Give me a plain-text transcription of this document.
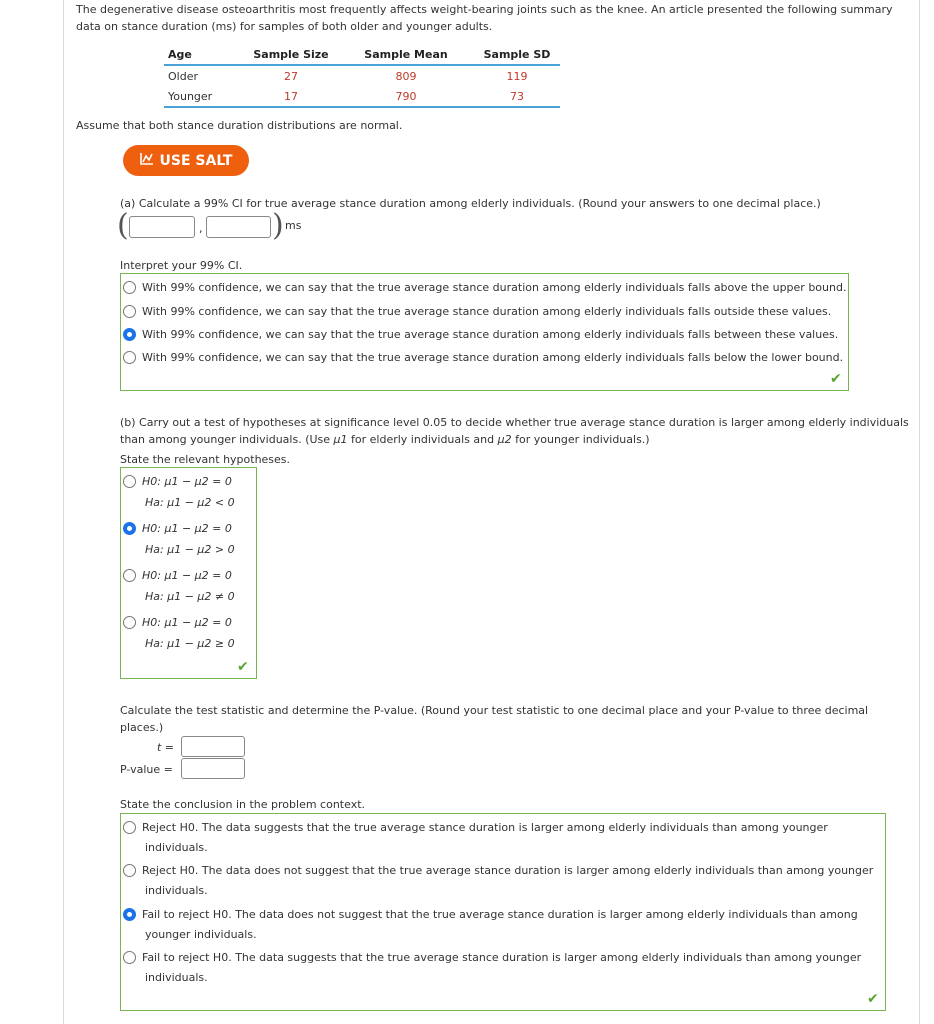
The degenerative disease osteoarthritis most frequently affects weight-bearing joints such as the knee. An article presented the following summary
data on stance duration (ms) for samples of both older and younger adults.
Age	Sample Size	Sample Mean	Sample SD
Older	27	809	119
Younger	17	790	73
Assume that both stance duration distributions are normal.
USE SALT
(a) Calculate a 99% CI for true average stance duration among elderly individuals. (Round your answers to one decimal place.)
(	, ) ms
Interpret your 99% CI.
With 99% confidence, we can say that the true average stance duration among elderly individuals falls above the upper bound.
With 99% confidence, we can say that the true average stance duration among elderly individuals falls outside these values.
With 99% confidence, we can say that the true average stance duration among elderly individuals falls between these values.
With 99% confidence, we can say that the true average stance duration among elderly individuals falls below the lower bound.
✔
(b) Carry out a test of hypotheses at significance level 0.05 to decide whether true average stance duration is larger among elderly individuals
than among younger individuals. (Use μ1 for elderly individuals and μ2 for younger individuals.)
State the relevant hypotheses.
H0: μ1 − μ2 = 0
Ha: μ1 − μ2 < 0
H0: μ1 − μ2 = 0
Ha: μ1 − μ2 > 0
H0: μ1 − μ2 = 0
Ha: μ1 − μ2 ≠ 0
H0: μ1 − μ2 = 0
Ha: μ1 − μ2 ≥ 0
✔
Calculate the test statistic and determine the P-value. (Round your test statistic to one decimal place and your P-value to three decimal
places.)
t =
P-value =
State the conclusion in the problem context.
Reject H0. The data suggests that the true average stance duration is larger among elderly individuals than among younger
individuals.
Reject H0. The data does not suggest that the true average stance duration is larger among elderly individuals than among younger
individuals.
Fail to reject H0. The data does not suggest that the true average stance duration is larger among elderly individuals than among
younger individuals.
Fail to reject H0. The data suggests that the true average stance duration is larger among elderly individuals than among younger
individuals.
✔
